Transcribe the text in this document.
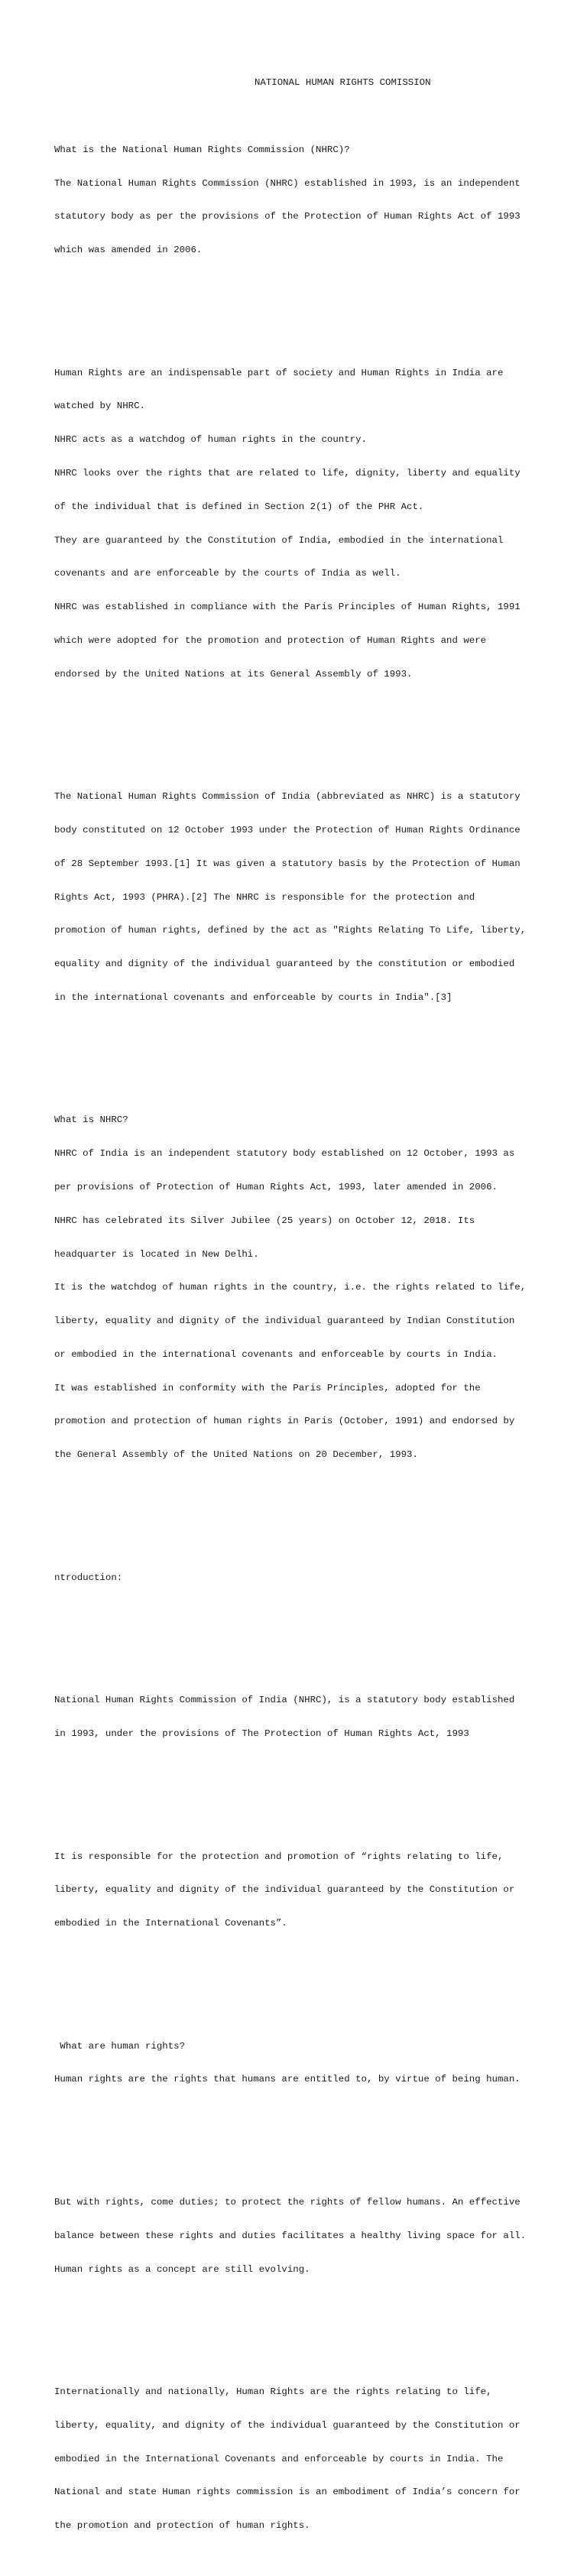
NATIONAL HUMAN RIGHTS COMISSION

What is the National Human Rights Commission (NHRC)?

The National Human Rights Commission (NHRC) established in 1993, is an independent

statutory body as per the provisions of the Protection of Human Rights Act of 1993

which was amended in 2006.

Human Rights are an indispensable part of society and Human Rights in India are

watched by NHRC.

NHRC acts as a watchdog of human rights in the country.

NHRC looks over the rights that are related to life, dignity, liberty and equality

of the individual that is defined in Section 2(1) of the PHR Act.

They are guaranteed by the Constitution of India, embodied in the international

covenants and are enforceable by the courts of India as well.

NHRC was established in compliance with the Paris Principles of Human Rights, 1991

which were adopted for the promotion and protection of Human Rights and were

endorsed by the United Nations at its General Assembly of 1993.

The National Human Rights Commission of India (abbreviated as NHRC) is a statutory

body constituted on 12 October 1993 under the Protection of Human Rights Ordinance

of 28 September 1993.[1] It was given a statutory basis by the Protection of Human

Rights Act, 1993 (PHRA).[2] The NHRC is responsible for the protection and

promotion of human rights, defined by the act as "Rights Relating To Life, liberty,

equality and dignity of the individual guaranteed by the constitution or embodied

in the international covenants and enforceable by courts in India".[3]

What is NHRC?

NHRC of India is an independent statutory body established on 12 October, 1993 as

per provisions of Protection of Human Rights Act, 1993, later amended in 2006.

NHRC has celebrated its Silver Jubilee (25 years) on October 12, 2018. Its

headquarter is located in New Delhi.

It is the watchdog of human rights in the country, i.e. the rights related to life,

liberty, equality and dignity of the individual guaranteed by Indian Constitution

or embodied in the international covenants and enforceable by courts in India.

It was established in conformity with the Paris Principles, adopted for the

promotion and protection of human rights in Paris (October, 1991) and endorsed by

the General Assembly of the United Nations on 20 December, 1993.

ntroduction:

National Human Rights Commission of India (NHRC), is a statutory body established

in 1993, under the provisions of The Protection of Human Rights Act, 1993

It is responsible for the protection and promotion of “rights relating to life,

liberty, equality and dignity of the individual guaranteed by the Constitution or

embodied in the International Covenants”.

What are human rights?

Human rights are the rights that humans are entitled to, by virtue of being human.

But with rights, come duties; to protect the rights of fellow humans. An effective

balance between these rights and duties facilitates a healthy living space for all.

Human rights as a concept are still evolving.

Internationally and nationally, Human Rights are the rights relating to life,

liberty, equality, and dignity of the individual guaranteed by the Constitution or

embodied in the International Covenants and enforceable by courts in India. The

National and state Human rights commission is an embodiment of India’s concern for

the promotion and protection of human rights.
